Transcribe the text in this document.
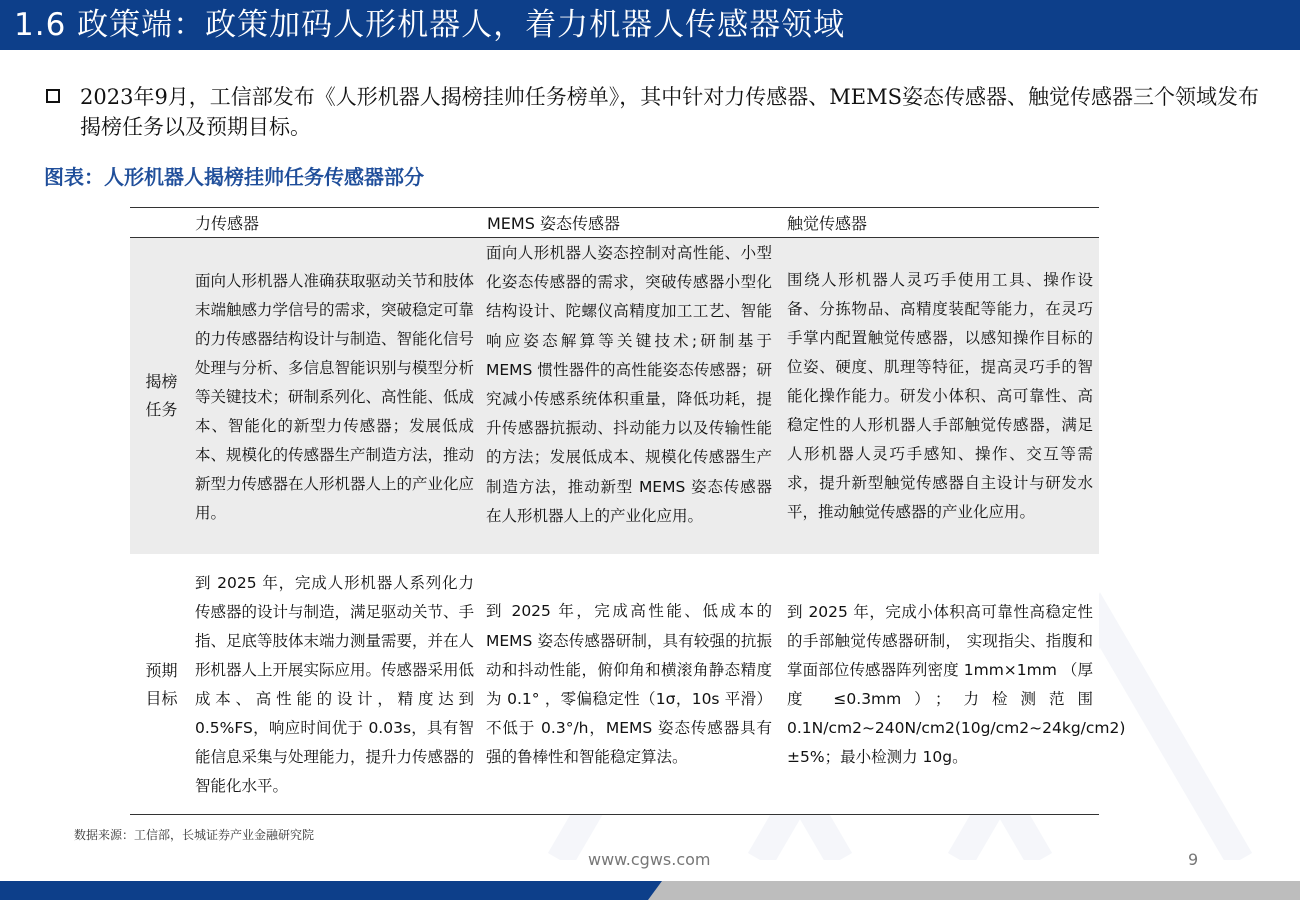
1.6 政策端：政策加码人形机器人，着力机器人传感器领域
2023年9月，工信部发布《人形机器人揭榜挂帅任务榜单》，其中针对力传感器、MEMS姿态传感器、触觉传感器三个领域发布揭榜任务以及预期目标。
图表：人形机器人揭榜挂帅任务传感器部分
	力传感器	MEMS 姿态传感器	触觉传感器

揭榜
任务	面向人形机器人准确获取驱动关节和肢体末端触感力学信号的需求，突破稳定可靠的力传感器结构设计与制造、智能化信号处理与分析、多信息智能识别与模型分析等关键技术；研制系列化、高性能、低成本、智能化的新型力传感器；发展低成本、规模化的传感器生产制造方法，推动新型力传感器在人形机器人上的产业化应用。	面向人形机器人姿态控制对高性能、小型化姿态传感器的需求，突破传感器小型化结构设计、陀螺仪高精度加工工艺、智能响应姿态解算等关键技术;研制基于 MEMS 惯性器件的高性能姿态传感器；研究减小传感系统体积重量，降低功耗，提升传感器抗振动、抖动能力以及传输性能的方法；发展低成本、规模化传感器生产制造方法，推动新型 MEMS 姿态传感器在人形机器人上的产业化应用。	围绕人形机器人灵巧手使用工具、操作设备、分拣物品、高精度装配等能力，在灵巧手掌内配置触觉传感器，以感知操作目标的位姿、硬度、肌理等特征，提高灵巧手的智能化操作能力。研发小体积、高可靠性、高稳定性的人形机器人手部触觉传感器，满足人形机器人灵巧手感知、操作、交互等需求，提升新型触觉传感器自主设计与研发水平，推动触觉传感器的产业化应用。

预期
目标	到 2025 年，完成人形机器人系列化力传感器的设计与制造，满足驱动关节、手指、足底等肢体末端力测量需要，并在人形机器人上开展实际应用。传感器采用低成本、高性能的设计，精度达到 0.5%FS，响应时间优于 0.03s，具有智能信息采集与处理能力，提升力传感器的智能化水平。	到 2025 年，完成高性能、低成本的 MEMS 姿态传感器研制，具有较强的抗振动和抖动性能，俯仰角和横滚角静态精度为 0.1° ，零偏稳定性（1σ，10s 平滑）不低于 0.3°/h，MEMS 姿态传感器具有强的鲁棒性和智能稳定算法。	到 2025 年，完成小体积高可靠性高稳定性的手部触觉传感器研制， 实现指尖、指腹和掌面部位传感器阵列密度 1mm×1mm （厚度 ≤0.3mm）；力检测范围 0.1N/cm2~240N/cm2(10g/cm2~24kg/cm2)±5%；最小检测力 10g。
数据来源：工信部，长城证券产业金融研究院
www.cgws.com	9
